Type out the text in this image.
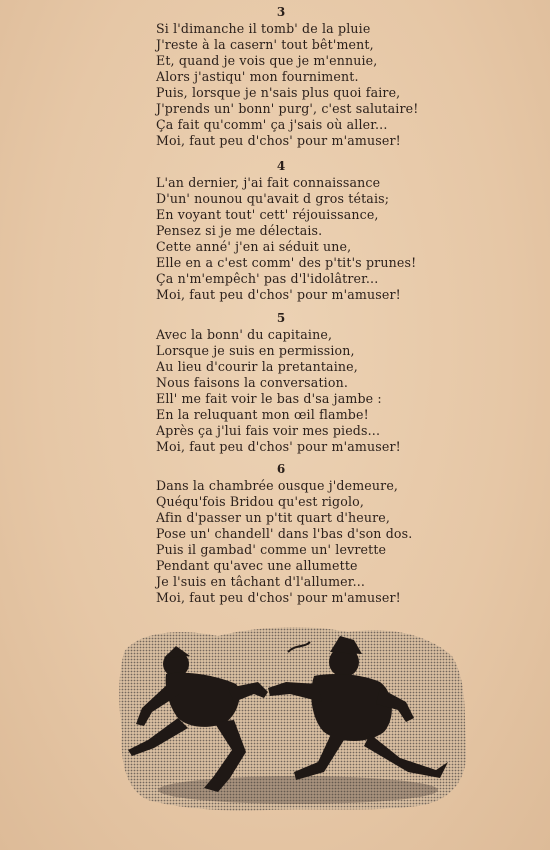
3
Si l'dimanche il tomb' de la pluie
J'reste à la casern' tout bêt'ment,
Et, quand je vois que je m'ennuie,
Alors j'astiqu' mon fourniment.
Puis, lorsque je n'sais plus quoi faire,
J'prends un' bonn' purg', c'est salutaire!
Ça fait qu'comm' ça j'sais où aller...
Moi, faut peu d'chos' pour m'amuser!
4
L'an dernier, j'ai fait connaissance
D'un' nounou qu'avait d gros tétais;
En voyant tout' cett' réjouissance,
Pensez si je me délectais.
Cette anné' j'en ai séduit une,
Elle en a c'est comm' des p'tit's prunes!
Ça n'm'empêch' pas d'l'idolâtrer...
Moi, faut peu d'chos' pour m'amuser!
5
Avec la bonn' du capitaine,
Lorsque je suis en permission,
Au lieu d'courir la pretantaine,
Nous faisons la conversation.
Ell' me fait voir le bas d'sa jambe :
En la reluquant mon œil flambe!
Après ça j'lui fais voir mes pieds...
Moi, faut peu d'chos' pour m'amuser!
6
Dans la chambrée ousque j'demeure,
Quéqu'fois Bridou qu'est rigolo,
Afin d'passer un p'tit quart d'heure,
Pose un' chandell' dans l'bas d'son dos.
Puis il gambad' comme un' levrette
Pendant qu'avec une allumette
Je l'suis en tâchant d'l'allumer...
Moi, faut peu d'chos' pour m'amuser!
